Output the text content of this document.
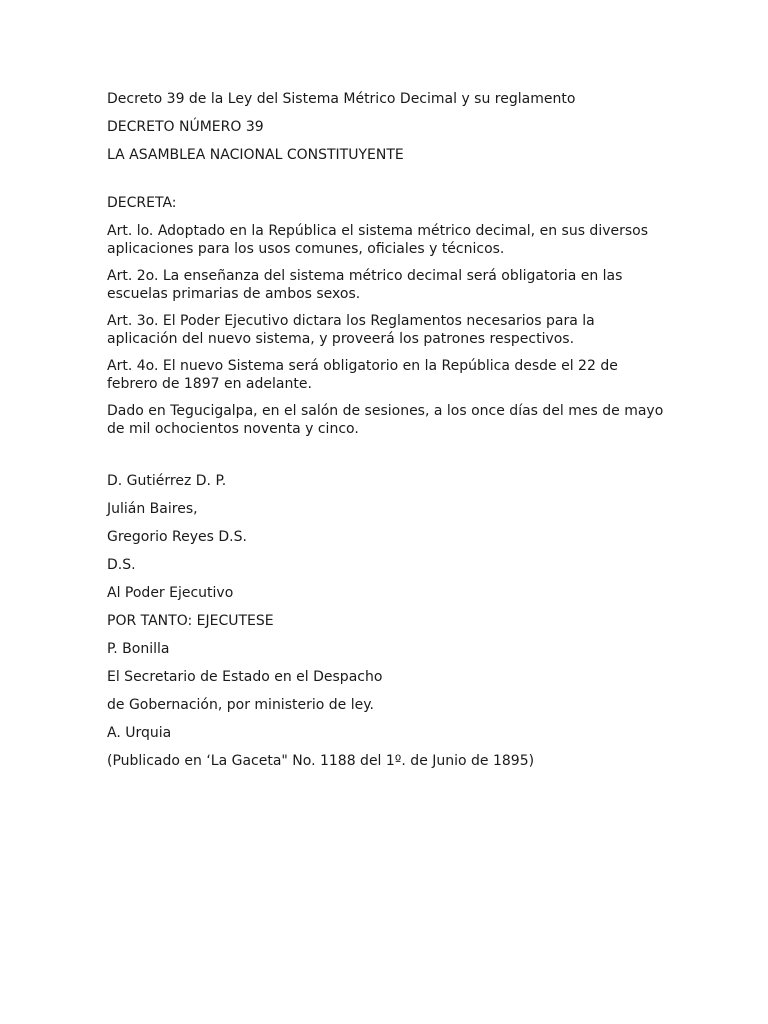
Decreto 39 de la Ley del Sistema Métrico Decimal y su reglamento
DECRETO NÚMERO 39
LA ASAMBLEA NACIONAL CONSTITUYENTE
DECRETA:
Art. lo. Adoptado en la República el sistema métrico decimal, en sus diversos aplicaciones para los usos comunes, oficiales y técnicos.
Art. 2o. La enseñanza del sistema métrico decimal será obligatoria en las escuelas primarias de ambos sexos.
Art. 3o. El Poder Ejecutivo dictara los Reglamentos necesarios para la aplicación del nuevo sistema, y proveerá los patrones respectivos.
Art. 4o. El nuevo Sistema será obligatorio en la República desde el 22 de febrero de 1897 en adelante.
Dado en Tegucigalpa, en el salón de sesiones, a los once días del mes de mayo de mil ochocientos noventa y cinco.
D. Gutiérrez D. P.
Julián Baires,
Gregorio Reyes D.S.
D.S.
Al Poder Ejecutivo
POR TANTO: EJECUTESE
P. Bonilla
El Secretario de Estado en el Despacho
de Gobernación, por ministerio de ley.
A. Urquia
(Publicado en ‘La Gaceta" No. 1188 del 1º. de Junio de 1895)
